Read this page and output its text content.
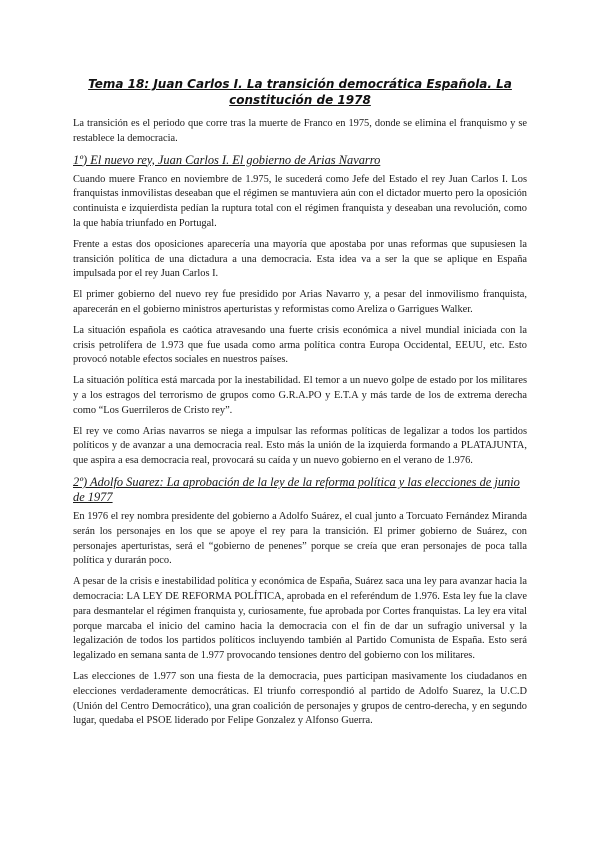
Tema 18: Juan Carlos I. La transición democrática Española. La constitución de 1978

La transición es el periodo que corre tras la muerte de Franco en 1975, donde se elimina el franquismo y se restablece la democracia.

1º) El nuevo rey, Juan Carlos I. El gobierno de Arias Navarro

Cuando muere Franco en noviembre de 1.975, le sucederá como Jefe del Estado el rey Juan Carlos I. Los franquistas inmovilistas deseaban que el régimen se mantuviera aún con el dictador muerto pero la oposición continuista e izquierdista pedían la ruptura total con el régimen franquista y deseaban una revolución, como la que había triunfado en Portugal.

Frente a estas dos oposiciones aparecería una mayoría que apostaba por unas reformas que supusiesen la transición política de una dictadura a una democracia. Esta idea va a ser la que se aplique en España impulsada por el rey Juan Carlos I.

El primer gobierno del nuevo rey fue presidido por Arias Navarro y, a pesar del inmovilismo franquista, aparecerán en el gobierno ministros aperturistas y reformistas como Areliza o Garrigues Walker.

La situación española es caótica atravesando una fuerte crisis económica a nivel mundial iniciada con la crisis petrolífera de 1.973 que fue usada como arma política contra Europa Occidental, EEUU, etc. Esto provocó notable efectos sociales en nuestros países.

La situación política está marcada por la inestabilidad. El temor a un nuevo golpe de estado por los militares y a los estragos del terrorismo de grupos como G.R.A.PO y E.T.A y más tarde de los de extrema derecha como “Los Guerrileros de Cristo rey”.

El rey ve como Arias navarros se niega a impulsar las reformas políticas de legalizar a todos los partidos políticos y de avanzar a una democracia real. Esto más la unión de la izquierda formando a PLATAJUNTA, que aspira a esa democracia real, provocará su caída y un nuevo gobierno en el verano de 1.976.

2º) Adolfo Suarez: La aprobación de la ley de la reforma política y las elecciones de junio de 1977

En 1976 el rey nombra presidente del gobierno a Adolfo Suárez, el cual junto a Torcuato Fernández Miranda serán los personajes en los que se apoye el rey para la transición. El primer gobierno de Suárez, con personajes aperturistas, será el “gobierno de penenes” porque se creía que eran personajes de poca talla política y durarán poco.

A pesar de la crisis e inestabilidad política y económica de España, Suárez saca una ley para avanzar hacia la democracia: LA LEY DE REFORMA POLÍTICA, aprobada en el referéndum de 1.976. Esta ley fue la clave para desmantelar el régimen franquista y, curiosamente, fue aprobada por Cortes franquistas. La ley era vital porque marcaba el inicio del camino hacia la democracia con el fin de dar un sufragio universal y la legalización de todos los partidos políticos incluyendo también al Partido Comunista de España. Esto será legalizado en semana santa de 1.977 provocando tensiones dentro del gobierno con los militares.

Las elecciones de 1.977 son una fiesta de la democracia, pues participan masivamente los ciudadanos en elecciones verdaderamente democráticas. El triunfo correspondió al partido de Adolfo Suarez, la U.C.D (Unión del Centro Democrático), una gran coalición de personajes y grupos de centro-derecha, y en segundo lugar, quedaba el PSOE liderado por Felipe Gonzalez y Alfonso Guerra.
